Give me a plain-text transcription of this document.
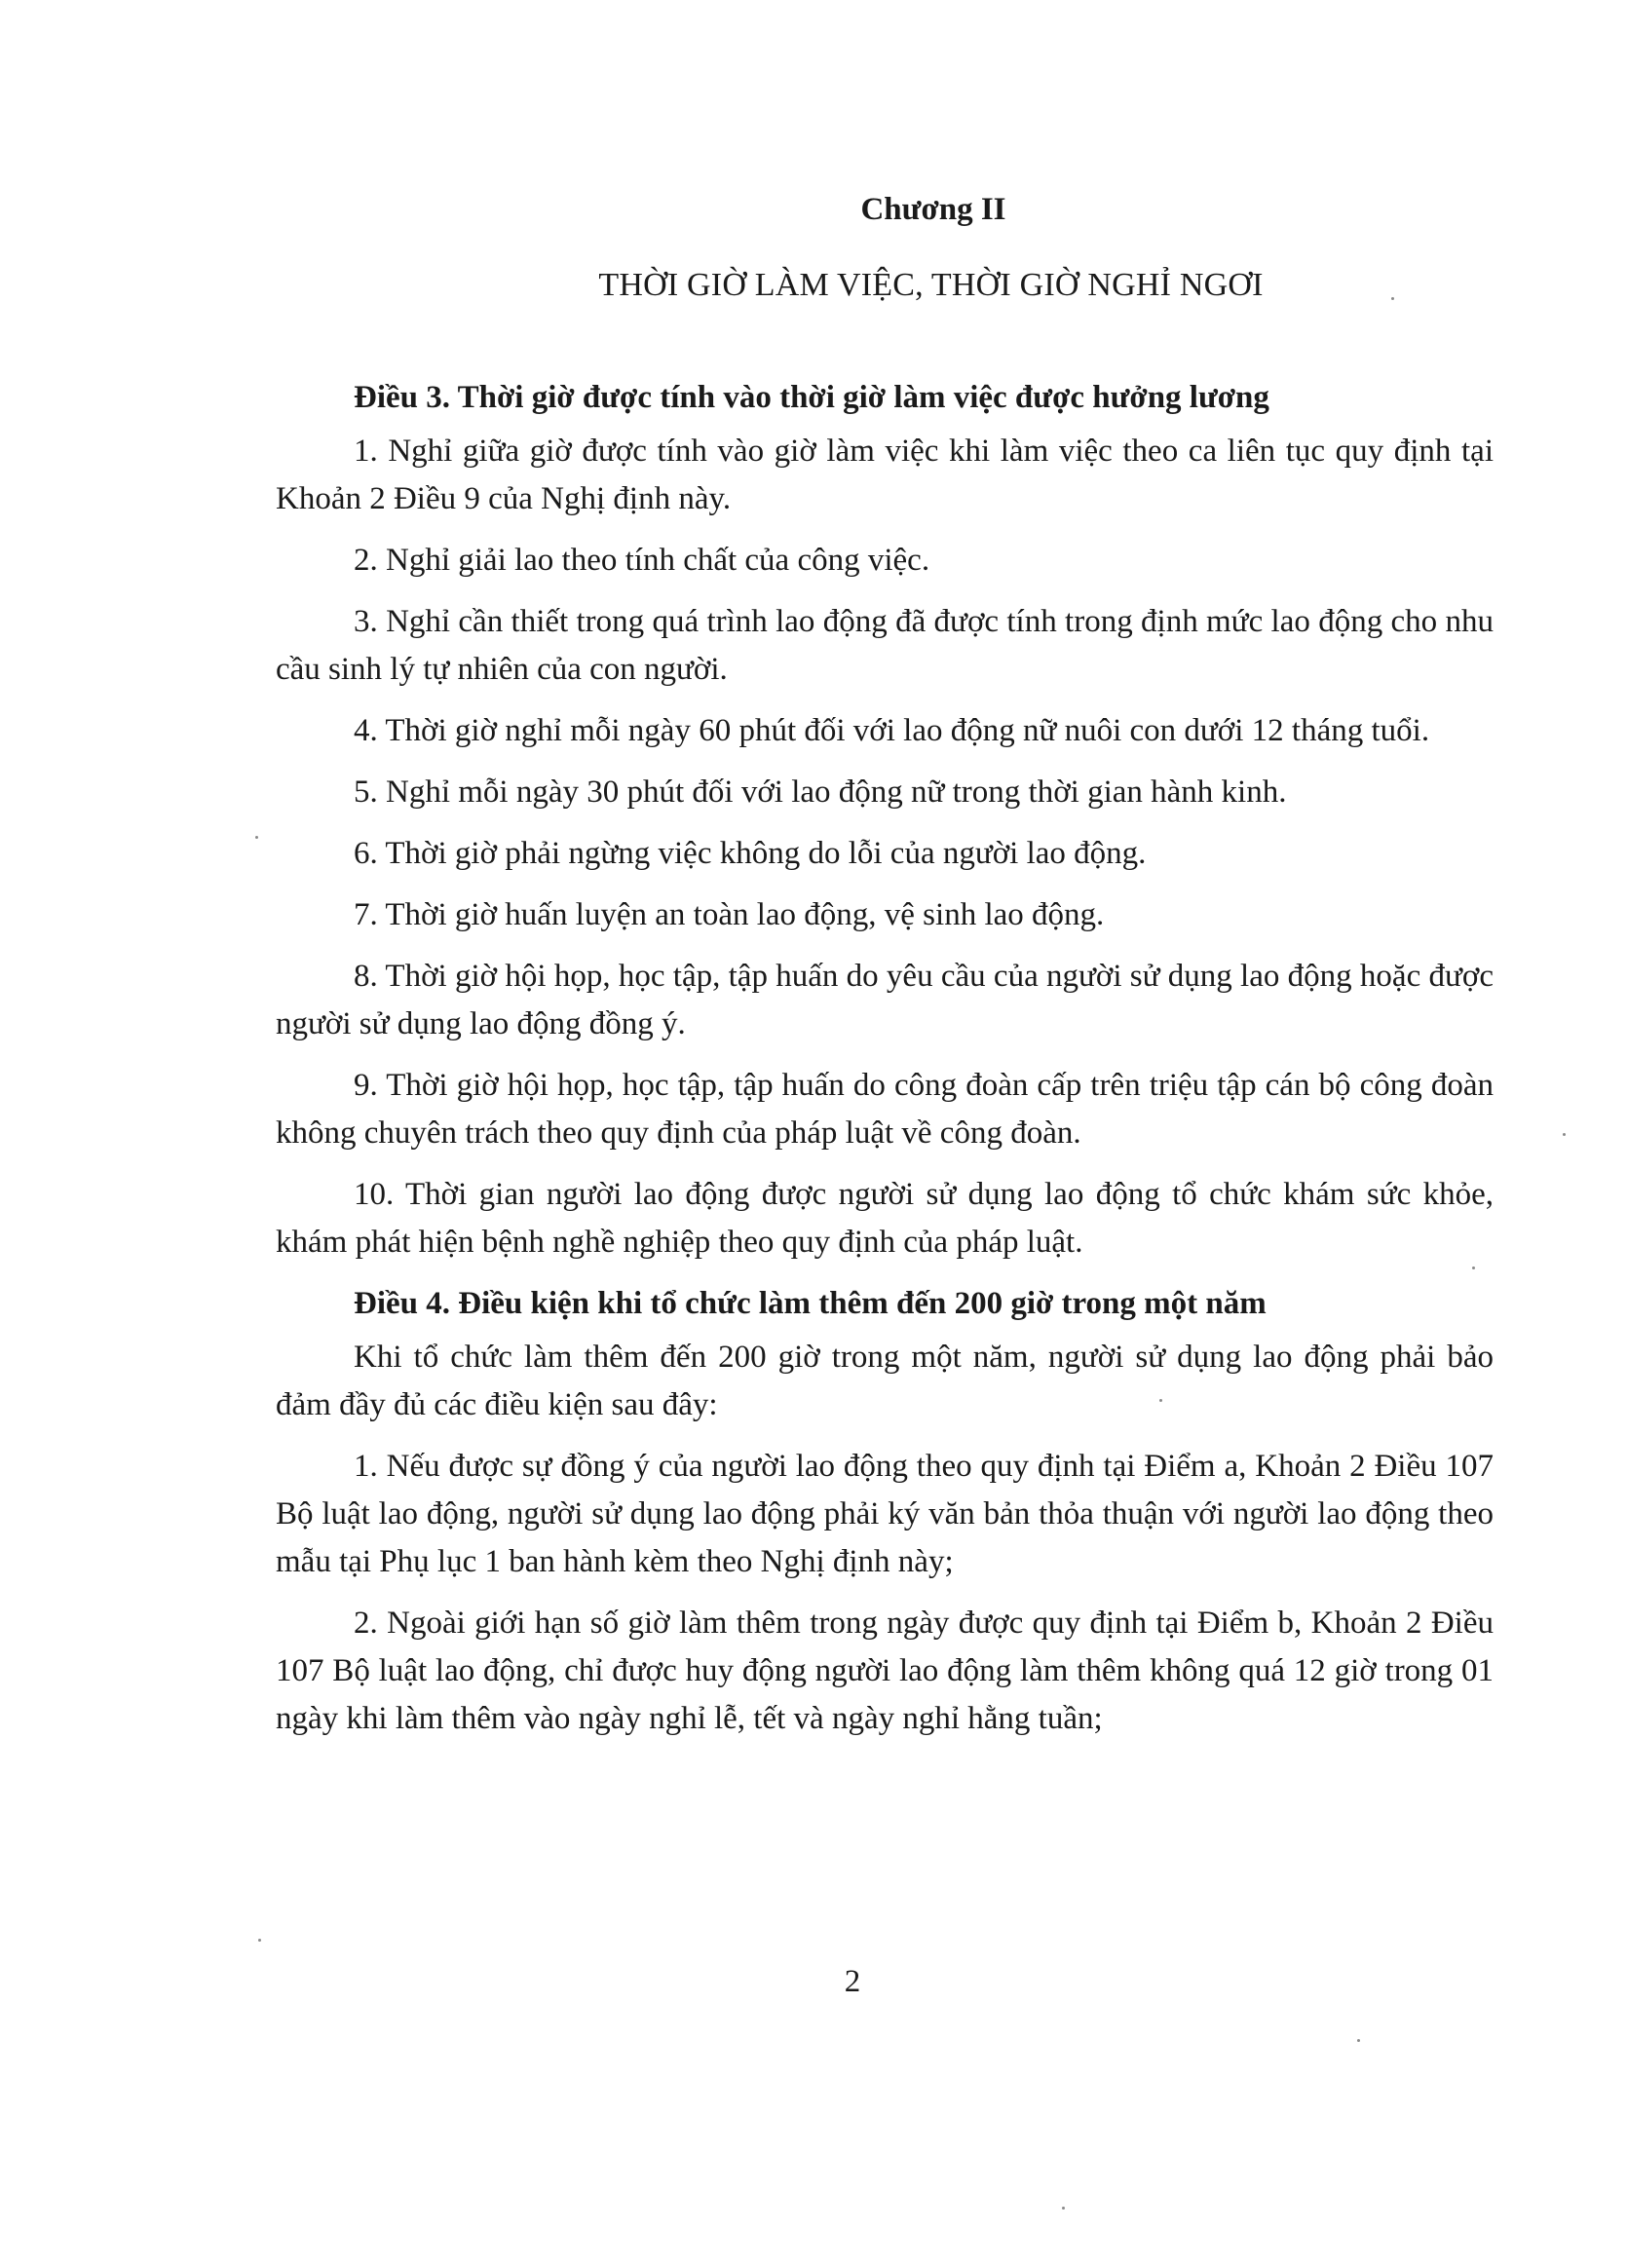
Chương II

THỜI GIỜ LÀM VIỆC, THỜI GIỜ NGHỈ NGƠI

Điều 3. Thời giờ được tính vào thời giờ làm việc được hưởng lương

1. Nghỉ giữa giờ được tính vào giờ làm việc khi làm việc theo ca liên tục quy định tại Khoản 2 Điều 9 của Nghị định này.

2. Nghỉ giải lao theo tính chất của công việc.

3. Nghỉ cần thiết trong quá trình lao động đã được tính trong định mức lao động cho nhu cầu sinh lý tự nhiên của con người.

4. Thời giờ nghỉ mỗi ngày 60 phút đối với lao động nữ nuôi con dưới 12 tháng tuổi.

5. Nghỉ mỗi ngày 30 phút đối với lao động nữ trong thời gian hành kinh.

6. Thời giờ phải ngừng việc không do lỗi của người lao động.

7. Thời giờ huấn luyện an toàn lao động, vệ sinh lao động.

8. Thời giờ hội họp, học tập, tập huấn do yêu cầu của người sử dụng lao động hoặc được người sử dụng lao động đồng ý.

9. Thời giờ hội họp, học tập, tập huấn do công đoàn cấp trên triệu tập cán bộ công đoàn không chuyên trách theo quy định của pháp luật về công đoàn.

10. Thời gian người lao động được người sử dụng lao động tổ chức khám sức khỏe, khám phát hiện bệnh nghề nghiệp theo quy định của pháp luật.

Điều 4. Điều kiện khi tổ chức làm thêm đến 200 giờ trong một năm

Khi tổ chức làm thêm đến 200 giờ trong một năm, người sử dụng lao động phải bảo đảm đầy đủ các điều kiện sau đây:

1. Nếu được sự đồng ý của người lao động theo quy định tại Điểm a, Khoản 2 Điều 107 Bộ luật lao động, người sử dụng lao động phải ký văn bản thỏa thuận với người lao động theo mẫu tại Phụ lục 1 ban hành kèm theo Nghị định này;

2. Ngoài giới hạn số giờ làm thêm trong ngày được quy định tại Điểm b, Khoản 2 Điều 107 Bộ luật lao động, chỉ được huy động người lao động làm thêm không quá 12 giờ trong 01 ngày khi làm thêm vào ngày nghỉ lễ, tết và ngày nghỉ hằng tuần;

2
